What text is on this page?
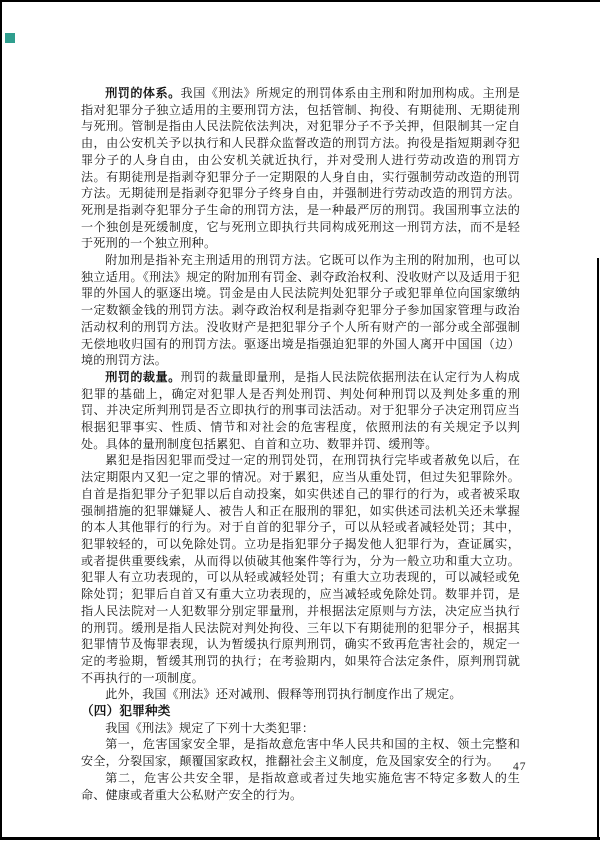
刑罚的体系。我国《刑法》所规定的刑罚体系由主刑和附加刑构成。主刑是指对犯罪分子独立适用的主要刑罚方法，包括管制、拘役、有期徒刑、无期徒刑与死刑。管制是指由人民法院依法判决，对犯罪分子不予关押，但限制其一定自由，由公安机关予以执行和人民群众监督改造的刑罚方法。拘役是指短期剥夺犯罪分子的人身自由，由公安机关就近执行，并对受刑人进行劳动改造的刑罚方法。有期徒刑是指剥夺犯罪分子一定期限的人身自由，实行强制劳动改造的刑罚方法。无期徒刑是指剥夺犯罪分子终身自由，并强制进行劳动改造的刑罚方法。死刑是指剥夺犯罪分子生命的刑罚方法，是一种最严厉的刑罚。我国刑事立法的一个独创是死缓制度，它与死刑立即执行共同构成死刑这一刑罚方法，而不是轻于死刑的一个独立刑种。

附加刑是指补充主刑适用的刑罚方法。它既可以作为主刑的附加刑，也可以独立适用。《刑法》规定的附加刑有罚金、剥夺政治权利、没收财产以及适用于犯罪的外国人的驱逐出境。罚金是由人民法院判处犯罪分子或犯罪单位向国家缴纳一定数额金钱的刑罚方法。剥夺政治权利是指剥夺犯罪分子参加国家管理与政治活动权利的刑罚方法。没收财产是把犯罪分子个人所有财产的一部分或全部强制无偿地收归国有的刑罚方法。驱逐出境是指强迫犯罪的外国人离开中国国（边）境的刑罚方法。

刑罚的裁量。刑罚的裁量即量刑，是指人民法院依据刑法在认定行为人构成犯罪的基础上，确定对犯罪人是否判处刑罚、判处何种刑罚以及判处多重的刑罚、并决定所判刑罚是否立即执行的刑事司法活动。对于犯罪分子决定刑罚应当根据犯罪事实、性质、情节和对社会的危害程度，依照刑法的有关规定予以判处。具体的量刑制度包括累犯、自首和立功、数罪并罚、缓刑等。

累犯是指因犯罪而受过一定的刑罚处罚，在刑罚执行完毕或者赦免以后，在法定期限内又犯一定之罪的情况。对于累犯，应当从重处罚，但过失犯罪除外。自首是指犯罪分子犯罪以后自动投案，如实供述自己的罪行的行为，或者被采取强制措施的犯罪嫌疑人、被告人和正在服刑的罪犯，如实供述司法机关还未掌握的本人其他罪行的行为。对于自首的犯罪分子，可以从轻或者减轻处罚；其中，犯罪较轻的，可以免除处罚。立功是指犯罪分子揭发他人犯罪行为，查证属实，或者提供重要线索，从而得以侦破其他案件等行为，分为一般立功和重大立功。犯罪人有立功表现的，可以从轻或减轻处罚；有重大立功表现的，可以减轻或免除处罚；犯罪后自首又有重大立功表现的，应当减轻或免除处罚。数罪并罚，是指人民法院对一人犯数罪分别定罪量刑，并根据法定原则与方法，决定应当执行的刑罚。缓刑是指人民法院对判处拘役、三年以下有期徒刑的犯罪分子，根据其犯罪情节及悔罪表现，认为暂缓执行原判刑罚，确实不致再危害社会的，规定一定的考验期，暂缓其刑罚的执行；在考验期内，如果符合法定条件，原判刑罚就不再执行的一项制度。

此外，我国《刑法》还对减刑、假释等刑罚执行制度作出了规定。

（四）犯罪种类

我国《刑法》规定了下列十大类犯罪：

第一，危害国家安全罪，是指故意危害中华人民共和国的主权、领土完整和安全，分裂国家，颠覆国家政权，推翻社会主义制度，危及国家安全的行为。

第二，危害公共安全罪，是指故意或者过失地实施危害不特定多数人的生命、健康或者重大公私财产安全的行为。

47
